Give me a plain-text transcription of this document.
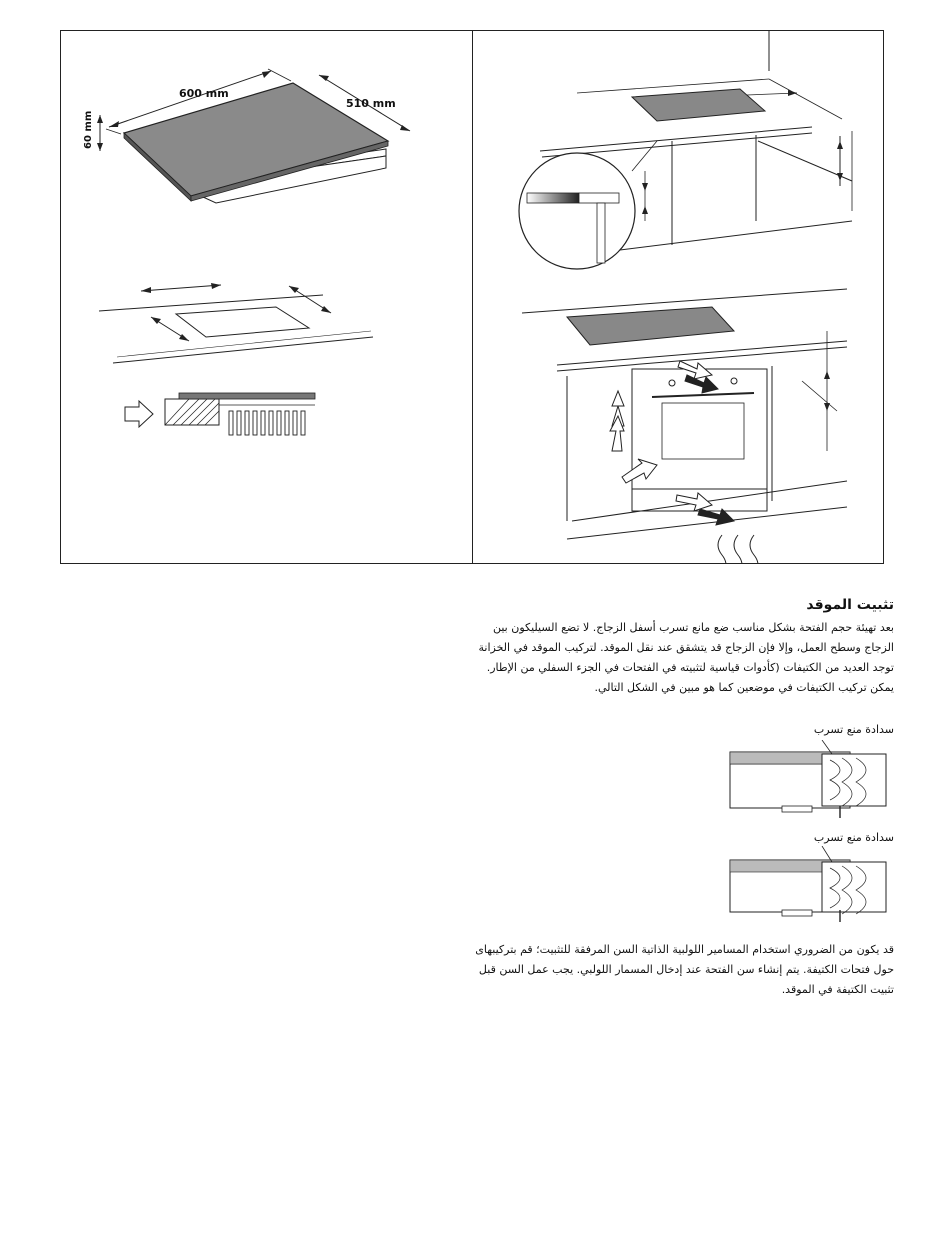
600 mm
510 mm
60 mm
تثبيت الموقد
بعد تهيئة حجم الفتحة بشكل مناسب ضع مانع تسرب أسفل الزجاج. لا تضع السيليكون بين الزجاج وسطح العمل، وإلا فإن الزجاج قد يتشقق عند نقل الموقد. لتركيب الموقد في الخزانة توجد العديد من الكتيفات (كأدوات قياسية لتثبيته في الفتحات في الجزء السفلي من الإطار. يمكن تركيب الكتيفات في موضعين كما هو مبين في الشكل التالي.
سدادة منع تسرب
سدادة منع تسرب
قد يكون من الضروري استخدام المسامير اللولبية الذاتية السن المرفقة للتثبيت؛ قم بتركيبهاى حول فتحات الكتيفة. يتم إنشاء سن الفتحة عند إدخال المسمار اللولبي. يجب عمل السن قبل تثبيت الكتيفة في الموقد.
